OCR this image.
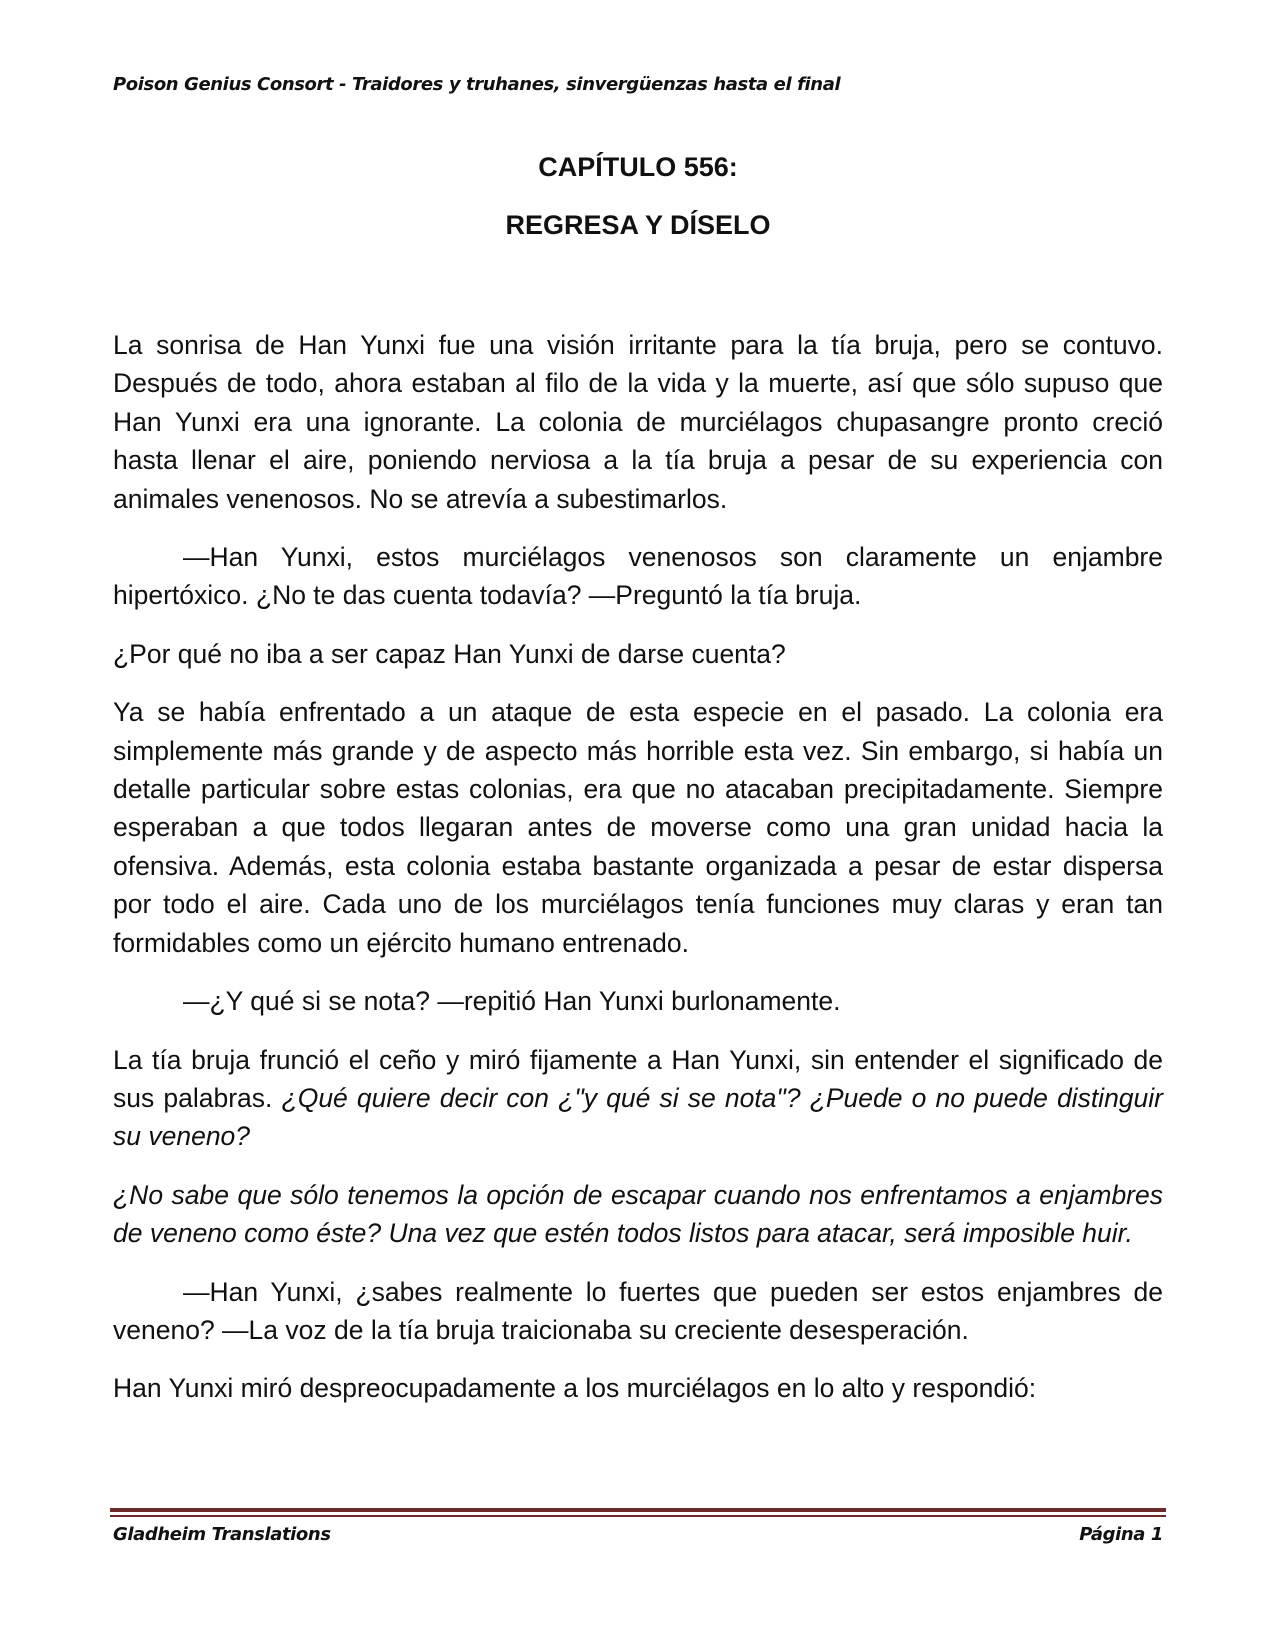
Poison Genius Consort - Traidores y truhanes, sinvergüenzas hasta el final
CAPÍTULO 556:
REGRESA Y DÍSELO

La sonrisa de Han Yunxi fue una visión irritante para la tía bruja, pero se contuvo. Después de todo, ahora estaban al filo de la vida y la muerte, así que sólo supuso que Han Yunxi era una ignorante. La colonia de murciélagos chupasangre pronto creció hasta llenar el aire, poniendo nerviosa a la tía bruja a pesar de su experiencia con animales venenosos. No se atrevía a subestimarlos.

—Han Yunxi, estos murciélagos venenosos son claramente un enjambre hipertóxico. ¿No te das cuenta todavía? —Preguntó la tía bruja.

¿Por qué no iba a ser capaz Han Yunxi de darse cuenta?

Ya se había enfrentado a un ataque de esta especie en el pasado. La colonia era simplemente más grande y de aspecto más horrible esta vez. Sin embargo, si había un detalle particular sobre estas colonias, era que no atacaban precipitadamente. Siempre esperaban a que todos llegaran antes de moverse como una gran unidad hacia la ofensiva. Además, esta colonia estaba bastante organizada a pesar de estar dispersa por todo el aire. Cada uno de los murciélagos tenía funciones muy claras y eran tan formidables como un ejército humano entrenado.

—¿Y qué si se nota? —repitió Han Yunxi burlonamente.

La tía bruja frunció el ceño y miró fijamente a Han Yunxi, sin entender el significado de sus palabras. ¿Qué quiere decir con ¿"y qué si se nota"? ¿Puede o no puede distinguir su veneno?

¿No sabe que sólo tenemos la opción de escapar cuando nos enfrentamos a enjambres de veneno como éste? Una vez que estén todos listos para atacar, será imposible huir.

—Han Yunxi, ¿sabes realmente lo fuertes que pueden ser estos enjambres de veneno? —La voz de la tía bruja traicionaba su creciente desesperación.

Han Yunxi miró despreocupadamente a los murciélagos en lo alto y respondió:

Gladheim Translations	Página 1
